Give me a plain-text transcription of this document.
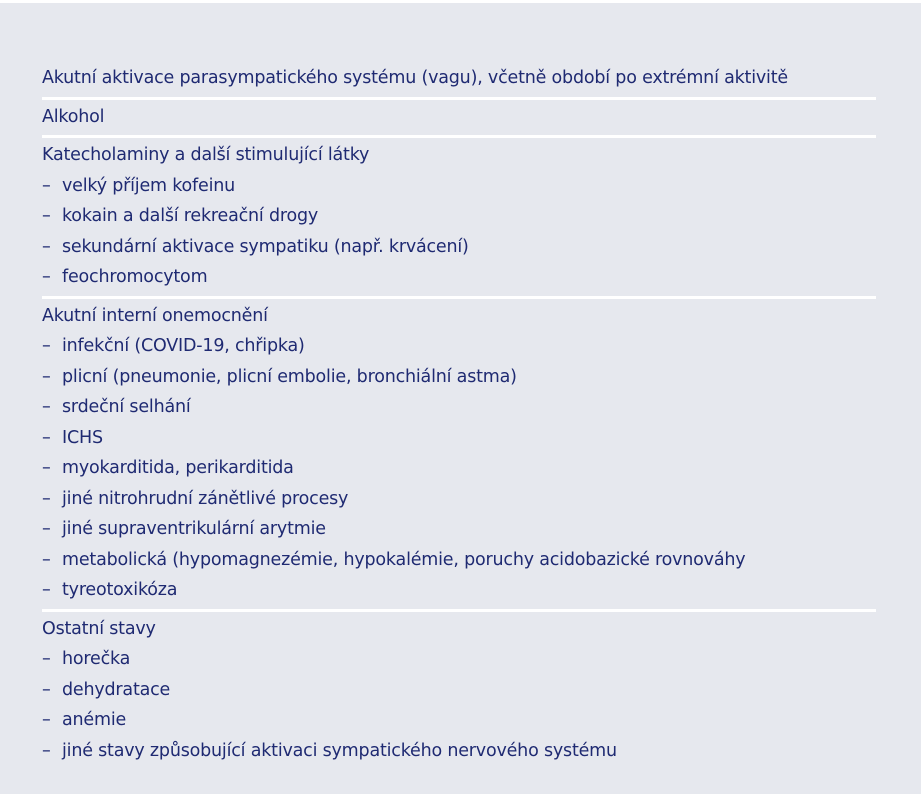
Akutní aktivace parasympatického systému (vagu), včetně období po extrémní aktivitě
Alkohol
Katecholaminy a další stimulující látky
– velký příjem kofeinu
– kokain a další rekreační drogy
– sekundární aktivace sympatiku (např. krvácení)
– feochromocytom
Akutní interní onemocnění
– infekční (COVID-19, chřipka)
– plicní (pneumonie, plicní embolie, bronchiální astma)
– srdeční selhání
– ICHS
– myokarditida, perikarditida
– jiné nitrohrudní zánětlivé procesy
– jiné supraventrikulární arytmie
– metabolická (hypomagnezémie, hypokalémie, poruchy acidobazické rovnováhy
– tyreotoxikóza
Ostatní stavy
– horečka
– dehydratace
– anémie
– jiné stavy způsobující aktivaci sympatického nervového systému
